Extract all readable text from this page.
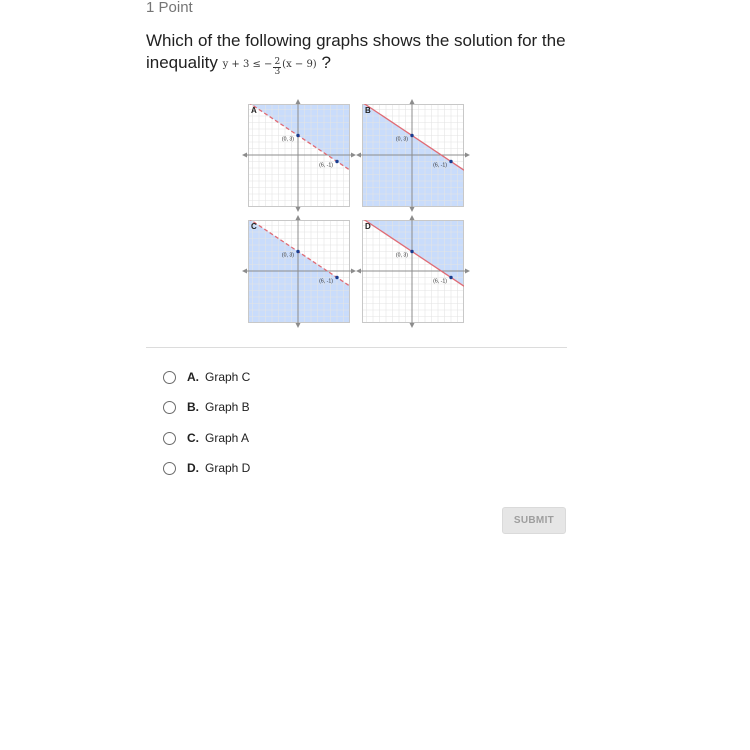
1 Point
Which of the following graphs shows the solution for the inequality y + 3 ≤ − $\frac{2}{3} (x - 9)$ ?
(0, 3)
(6, -1)
A
(0, 3)
(6, -1)
B
(0, 3)
(6, -1)
C
(0, 3)
(6, -1)
D
A. Graph C
B. Graph B
C. Graph A
D. Graph D
SUBMIT
